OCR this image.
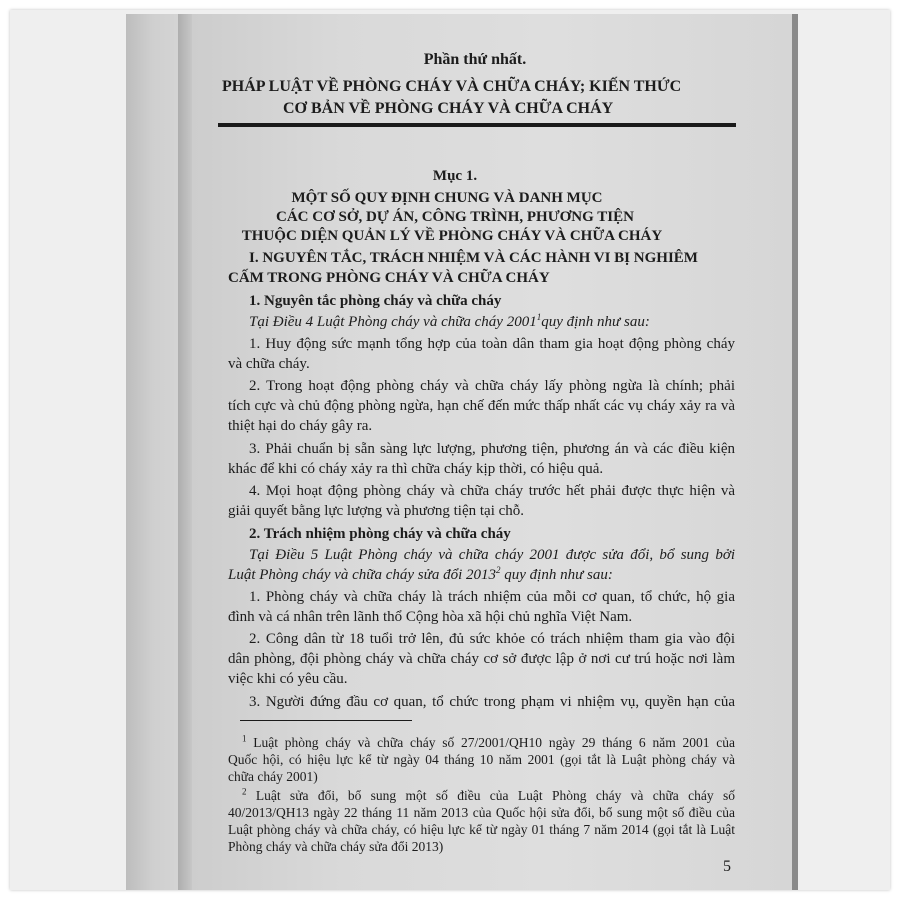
Phần thứ nhất.
PHÁP LUẬT VỀ PHÒNG CHÁY VÀ CHỮA CHÁY; KIẾN THỨC
CƠ BẢN VỀ PHÒNG CHÁY VÀ CHỮA CHÁY
Mục 1.
MỘT SỐ QUY ĐỊNH CHUNG VÀ DANH MỤC
CÁC CƠ SỞ, DỰ ÁN, CÔNG TRÌNH, PHƯƠNG TIỆN
THUỘC DIỆN QUẢN LÝ VỀ PHÒNG CHÁY VÀ CHỮA CHÁY
I. NGUYÊN TẮC, TRÁCH NHIỆM VÀ CÁC HÀNH VI BỊ NGHIÊM
CẤM TRONG PHÒNG CHÁY VÀ CHỮA CHÁY
1. Nguyên tắc phòng cháy và chữa cháy
Tại Điều 4 Luật Phòng cháy và chữa cháy 2001$^1$quy định như sau:
1. Huy động sức mạnh tổng hợp của toàn dân tham gia hoạt động phòng cháy
và chữa cháy.
2. Trong hoạt động phòng cháy và chữa cháy lấy phòng ngừa là chính; phải
tích cực và chủ động phòng ngừa, hạn chế đến mức thấp nhất các vụ cháy xảy ra và
thiệt hại do cháy gây ra.
3. Phải chuẩn bị sẵn sàng lực lượng, phương tiện, phương án và các điều kiện
khác để khi có cháy xảy ra thì chữa cháy kịp thời, có hiệu quả.
4. Mọi hoạt động phòng cháy và chữa cháy trước hết phải được thực hiện và
giải quyết bằng lực lượng và phương tiện tại chỗ.
2. Trách nhiệm phòng cháy và chữa cháy
Tại Điều 5 Luật Phòng cháy và chữa cháy 2001 được sửa đổi, bổ sung bởi
Luật Phòng cháy và chữa cháy sửa đổi 2013$^2$ quy định như sau:
1. Phòng cháy và chữa cháy là trách nhiệm của mỗi cơ quan, tổ chức, hộ gia
đình và cá nhân trên lãnh thổ Cộng hòa xã hội chủ nghĩa Việt Nam.
2. Công dân từ 18 tuổi trở lên, đủ sức khỏe có trách nhiệm tham gia vào đội
dân phòng, đội phòng cháy và chữa cháy cơ sở được lập ở nơi cư trú hoặc nơi làm
việc khi có yêu cầu.
3. Người đứng đầu cơ quan, tổ chức trong phạm vi nhiệm vụ, quyền hạn của
$^1$ Luật phòng cháy và chữa cháy số 27/2001/QH10 ngày 29 tháng 6 năm 2001 của
Quốc hội, có hiệu lực kể từ ngày 04 tháng 10 năm 2001 (gọi tắt là Luật phòng cháy và
chữa cháy 2001)
$^2$ Luật sửa đổi, bổ sung một số điều của Luật Phòng cháy và chữa cháy số
40/2013/QH13 ngày 22 tháng 11 năm 2013 của Quốc hội sửa đổi, bổ sung một số điều của
Luật phòng cháy và chữa cháy, có hiệu lực kể từ ngày 01 tháng 7 năm 2014 (gọi tắt là Luật
Phòng cháy và chữa cháy sửa đổi 2013)
5
